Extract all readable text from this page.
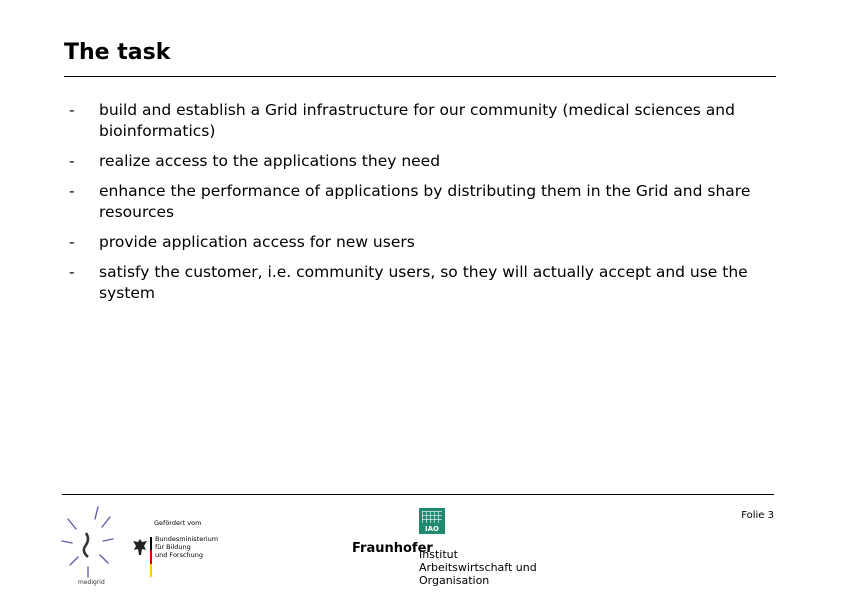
The task
- build and establish a Grid infrastructure for our community (medical sciences and bioinformatics)
- realize access to the applications they need
- enhance the performance of applications by distributing them in the Grid and share resources
- provide application access for new users
- satisfy the customer, i.e. community users, so they will actually accept and use the system
Folie 3
medigrid
Gefördert vom
Bundesministerium
für Bildung
und Forschung
IAO
Fraunhofer
Institut
Arbeitswirtschaft und
Organisation
